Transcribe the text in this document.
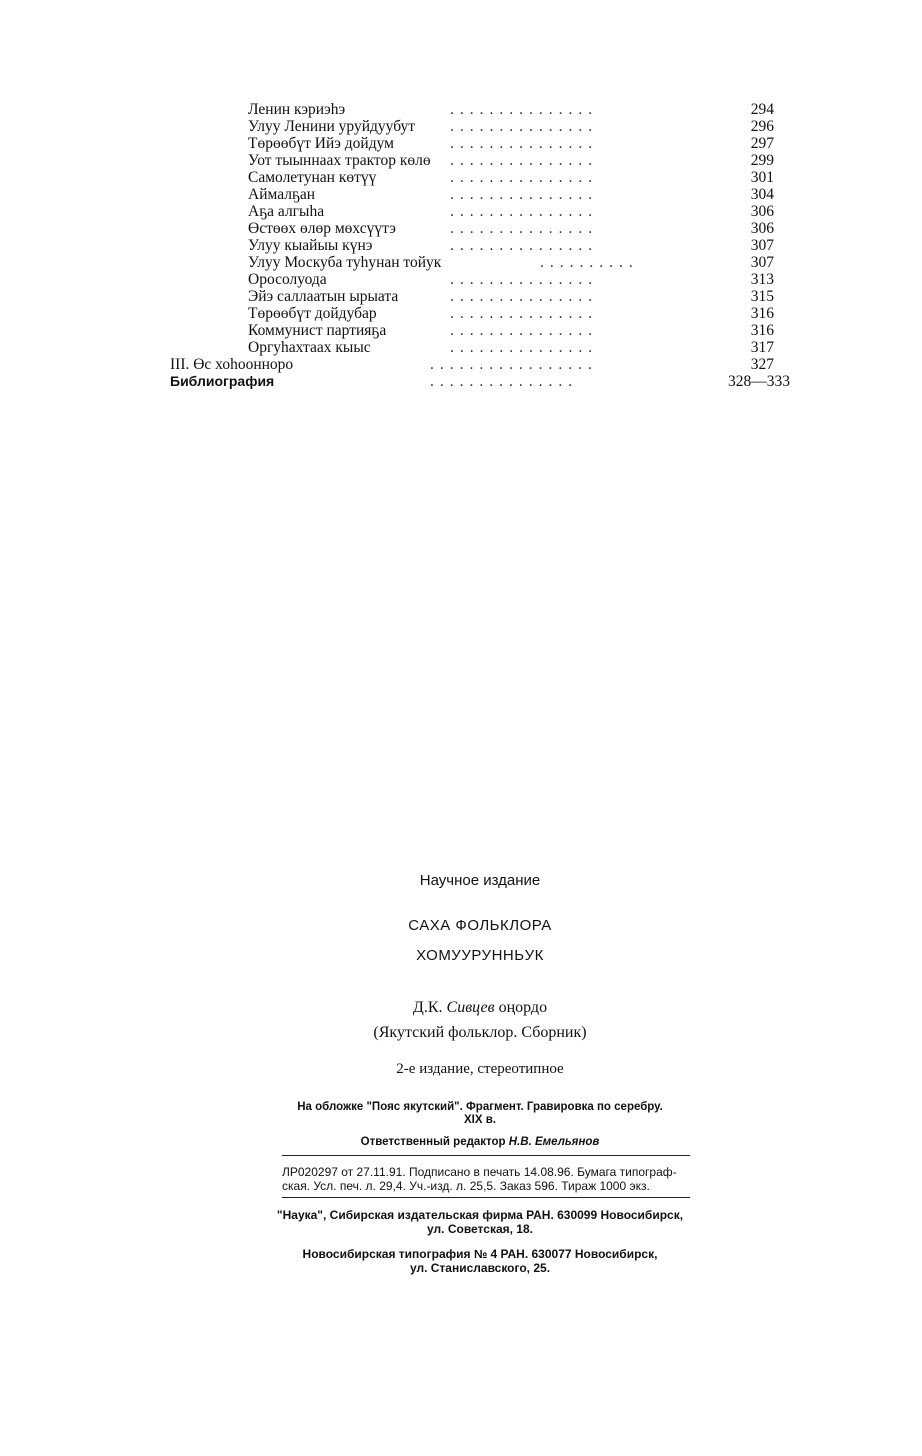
Ленин кэриэһэ	...............	294
Улуу Ленини уруйдуубут ...............	296
Төрөөбүт Ийэ дойдум	...............	297
Уот тыыннаах трактор көлө ...............	299
Самолетунан көтүү	...............	301
Аймалҕан	...............	304
Аҕа алгыһа	...............	306
Өстөөх өлөр мөхсүүтэ	...............	306
Улуу кыайыы күнэ	...............	307
Улуу Москуба туһунан тойук	..........	307
Оросолуода	...............	313
Эйэ саллаатын ырыата	...............	315
Төрөөбүт дойдубар	...............	316
Коммунист партияҕа	...............	316
Оргуһахтаах кыыс	...............	317
III. Өс хоһооннoро	.................	327
Библиография	...............	328—333
Научное издание
САХА ФОЛЬКЛОРА
ХОМУУРУННЬУК
Д.К. Сивцев оңордо
(Якутский фольклор. Сборник)
2-е издание, стереотипное
На обложке "Пояс якутский". Фрагмент. Гравировка по серебру.
XIX в.
Ответственный редактор Н.В. Емельянов
ЛР020297 от 27.11.91. Подписано в печать 14.08.96. Бумага типограф-
ская. Усл. печ. л. 29,4. Уч.-изд. л. 25,5. Заказ 596. Тираж 1000 экз.
"Наука", Сибирская издательская фирма РАН. 630099 Новосибирск,
ул. Советская, 18.
Новосибирская типография № 4 РАН. 630077 Новосибирск,
ул. Станиславского, 25.
